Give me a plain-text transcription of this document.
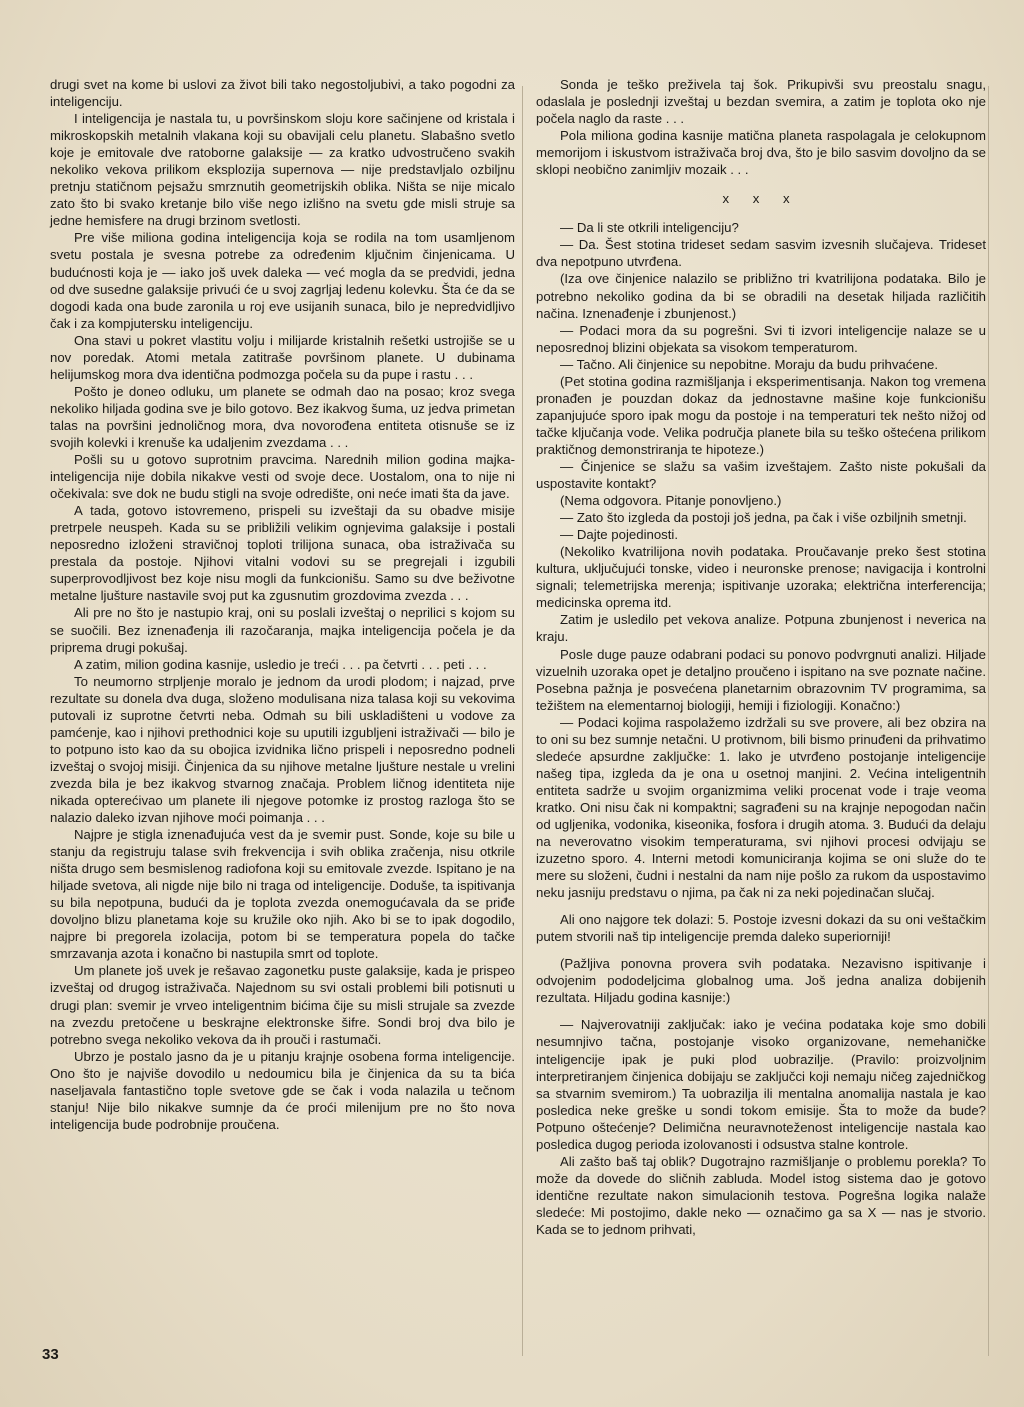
drugi svet na kome bi uslovi za život bili tako negostoljubivi, a tako pogodni za inteligenciju.

I inteligencija je nastala tu, u površinskom sloju kore sačinjene od kristala i mikroskopskih metalnih vlakana koji su obavijali celu planetu. Slabašno svetlo koje je emitovale dve ratoborne galaksije — za kratko udvostručeno svakih nekoliko vekova prilikom eksplozija supernova — nije predstavljalo ozbiljnu pretnju statičnom pejsažu smrznutih geometrijskih oblika. Ništa se nije micalo zato što bi svako kretanje bilo više nego izlišno na svetu gde misli struje sa jedne hemisfere na drugi brzinom svetlosti.

Pre više miliona godina inteligencija koja se rodila na tom usamljenom svetu postala je svesna potrebe za određenim ključnim činjenicama. U budućnosti koja je — iako još uvek daleka — već mogla da se predvidi, jedna od dve susedne galaksije privući će u svoj zagrljaj ledenu kolevku. Šta će da se dogodi kada ona bude zaronila u roj eve usijanih sunaca, bilo je nepredvidljivo čak i za kompjutersku inteligenciju.

Ona stavi u pokret vlastitu volju i milijarde kristalnih rešetki ustrojiše se u nov poredak. Atomi metala zatitraše površinom planete. U dubinama helijumskog mora dva identična podmozga počela su da pupe i rastu . . .

Pošto je doneo odluku, um planete se odmah dao na posao; kroz svega nekoliko hiljada godina sve je bilo gotovo. Bez ikakvog šuma, uz jedva primetan talas na površini jednoličnog mora, dva novorođena entiteta otisnuše se iz svojih kolevki i krenuše ka udaljenim zvezdama . . .

Pošli su u gotovo suprotnim pravcima. Narednih milion godina majka-inteligencija nije dobila nikakve vesti od svoje dece. Uostalom, ona to nije ni očekivala: sve dok ne budu stigli na svoje odredište, oni neće imati šta da jave.

A tada, gotovo istovremeno, prispeli su izveštaji da su obadve misije pretrpele neuspeh. Kada su se približili velikim ognjevima galaksije i postali neposredno izloženi stravičnoj toploti trilijona sunaca, oba istraživača su prestala da postoje. Njihovi vitalni vodovi su se pregrejali i izgubili superprovodljivost bez koje nisu mogli da funkcionišu. Samo su dve beživotne metalne ljušture nastavile svoj put ka zgusnutim grozdovima zvezda . . .

Ali pre no što je nastupio kraj, oni su poslali izveštaj o neprilici s kojom su se suočili. Bez iznenađenja ili razočaranja, majka inteligencija počela je da priprema drugi pokušaj.

A zatim, milion godina kasnije, usledio je treći . . . pa četvrti . . . peti . . .

To neumorno strpljenje moralo je jednom da urodi plodom; i najzad, prve rezultate su donela dva duga, složeno modulisana niza talasa koji su vekovima putovali iz suprotne četvrti neba. Odmah su bili uskladišteni u vodove za pamćenje, kao i njihovi prethodnici koje su uputili izgubljeni istraživači — bilo je to potpuno isto kao da su obojica izvidnika lično prispeli i neposredno podneli izveštaj o svojoj misiji. Činjenica da su njihove metalne ljušture nestale u vrelini zvezda bila je bez ikakvog stvarnog značaja. Problem ličnog identiteta nije nikada opterećivao um planete ili njegove potomke iz prostog razloga što se nalazio daleko izvan njihove moći poimanja . . .

Najpre je stigla iznenađujuća vest da je svemir pust. Sonde, koje su bile u stanju da registruju talase svih frekvencija i svih oblika zračenja, nisu otkrile ništa drugo sem besmislenog radiofona koji su emitovale zvezde. Ispitano je na hiljade svetova, ali nigde nije bilo ni traga od inteligencije. Doduše, ta ispitivanja su bila nepotpuna, budući da je toplota zvezda onemogućavala da se priđe dovoljno blizu planetama koje su kružile oko njih. Ako bi se to ipak dogodilo, najpre bi pregorela izolacija, potom bi se temperatura popela do tačke smrzavanja azota i konačno bi nastupila smrt od toplote.

Um planete još uvek je rešavao zagonetku puste galaksije, kada je prispeo izveštaj od drugog istraživača. Najednom su svi ostali problemi bili potisnuti u drugi plan: svemir je vrveo inteligentnim bićima čije su misli strujale sa zvezde na zvezdu pretočene u beskrajne elektronske šifre. Sondi broj dva bilo je potrebno svega nekoliko vekova da ih prouči i rastumači.

Ubrzo je postalo jasno da je u pitanju krajnje osobena forma inteligencije. Ono što je najviše dovodilo u nedoumicu bila je činjenica da su ta bića naseljavala fantastično tople svetove gde se čak i voda nalazila u tečnom stanju! Nije bilo nikakve sumnje da će proći milenijum pre no što nova inteligencija bude podrobnije proučena.

Sonda je teško preživela taj šok. Prikupivši svu preostalu snagu, odaslala je poslednji izveštaj u bezdan svemira, a zatim je toplota oko nje počela naglo da raste . . .

Pola miliona godina kasnije matična planeta raspolagala je celokupnom memorijom i iskustvom istraživača broj dva, što je bilo sasvim dovoljno da se sklopi neobično zanimljiv mozaik . . .

x x x

— Da li ste otkrili inteligenciju?

— Da. Šest stotina trideset sedam sasvim izvesnih slučajeva. Trideset dva nepotpuno utvrđena.

(Iza ove činjenice nalazilo se približno tri kvatrilijona podataka. Bilo je potrebno nekoliko godina da bi se obradili na desetak hiljada različitih načina. Iznenađenje i zbunjenost.)

— Podaci mora da su pogrešni. Svi ti izvori inteligencije nalaze se u neposrednoj blizini objekata sa visokom temperaturom.

— Tačno. Ali činjenice su nepobitne. Moraju da budu prihvaćene.

(Pet stotina godina razmišljanja i eksperimentisanja. Nakon tog vremena pronađen je pouzdan dokaz da jednostavne mašine koje funkcionišu zapanjujuće sporo ipak mogu da postoje i na temperaturi tek nešto nižoj od tačke ključanja vode. Velika područja planete bila su teško oštećena prilikom praktičnog demonstriranja te hipoteze.)

— Činjenice se slažu sa vašim izveštajem. Zašto niste pokušali da uspostavite kontakt?

(Nema odgovora. Pitanje ponovljeno.)

— Zato što izgleda da postoji još jedna, pa čak i više ozbiljnih smetnji.

— Dajte pojedinosti.

(Nekoliko kvatrilijona novih podataka. Proučavanje preko šest stotina kultura, uključujući tonske, video i neuronske prenose; navigacija i kontrolni signali; telemetrijska merenja; ispitivanje uzoraka; električna interferencija; medicinska oprema itd.

Zatim je usledilo pet vekova analize. Potpuna zbunjenost i neverica na kraju.

Posle duge pauze odabrani podaci su ponovo podvrgnuti analizi. Hiljade vizuelnih uzoraka opet je detaljno proučeno i ispitano na sve poznate načine. Posebna pažnja je posvećena planetarnim obrazovnim TV programima, sa težištem na elementarnoj biologiji, hemiji i fiziologiji. Konačno:)

— Podaci kojima raspolažemo izdržali su sve provere, ali bez obzira na to oni su bez sumnje netačni. U protivnom, bili bismo prinuđeni da prihvatimo sledeće apsurdne zaključke: 1. lako je utvrđeno postojanje inteligencije našeg tipa, izgleda da je ona u osetnoj manjini. 2. Većina inteligentnih entiteta sadrže u svojim organizmima veliki procenat vode i traje veoma kratko. Oni nisu čak ni kompaktni; sagrađeni su na krajnje nepogodan način od ugljenika, vodonika, kiseonika, fosfora i drugih atoma. 3. Budući da delaju na neverovatno visokim temperaturama, svi njihovi procesi odvijaju se izuzetno sporo. 4. Interni metodi komuniciranja kojima se oni služe do te mere su složeni, čudni i nestalni da nam nije pošlo za rukom da uspostavimo neku jasniju predstavu o njima, pa čak ni za neki pojedinačan slučaj.

Ali ono najgore tek dolazi: 5. Postoje izvesni dokazi da su oni veštačkim putem stvorili naš tip inteligencije premda daleko superiorniji!

(Pažljiva ponovna provera svih podataka. Nezavisno ispitivanje i odvojenim pododeljcima globalnog uma. Još jedna analiza dobijenih rezultata. Hiljadu godina kasnije:)

— Najverovatniji zaključak: iako je većina podataka koje smo dobili nesumnjivo tačna, postojanje visoko organizovane, nemehaničke inteligencije ipak je puki plod uobrazilje. (Pravilo: proizvoljnim interpretiranjem činjenica dobijaju se zaključci koji nemaju ničeg zajedničkog sa stvarnim svemirom.) Ta uobrazilja ili mentalna anomalija nastala je kao posledica neke greške u sondi tokom emisije. Šta to može da bude? Potpuno oštećenje? Delimična neuravnoteženost inteligencije nastala kao posledica dugog perioda izolovanosti i odsustva stalne kontrole.

Ali zašto baš taj oblik? Dugotrajno razmišljanje o problemu porekla? To može da dovede do sličnih zabluda. Model istog sistema dao je gotovo identične rezultate nakon simulacionih testova. Pogrešna logika nalaže sledeće: Mi postojimo, dakle neko — označimo ga sa X — nas je stvorio. Kada se to jednom prihvati,

33
